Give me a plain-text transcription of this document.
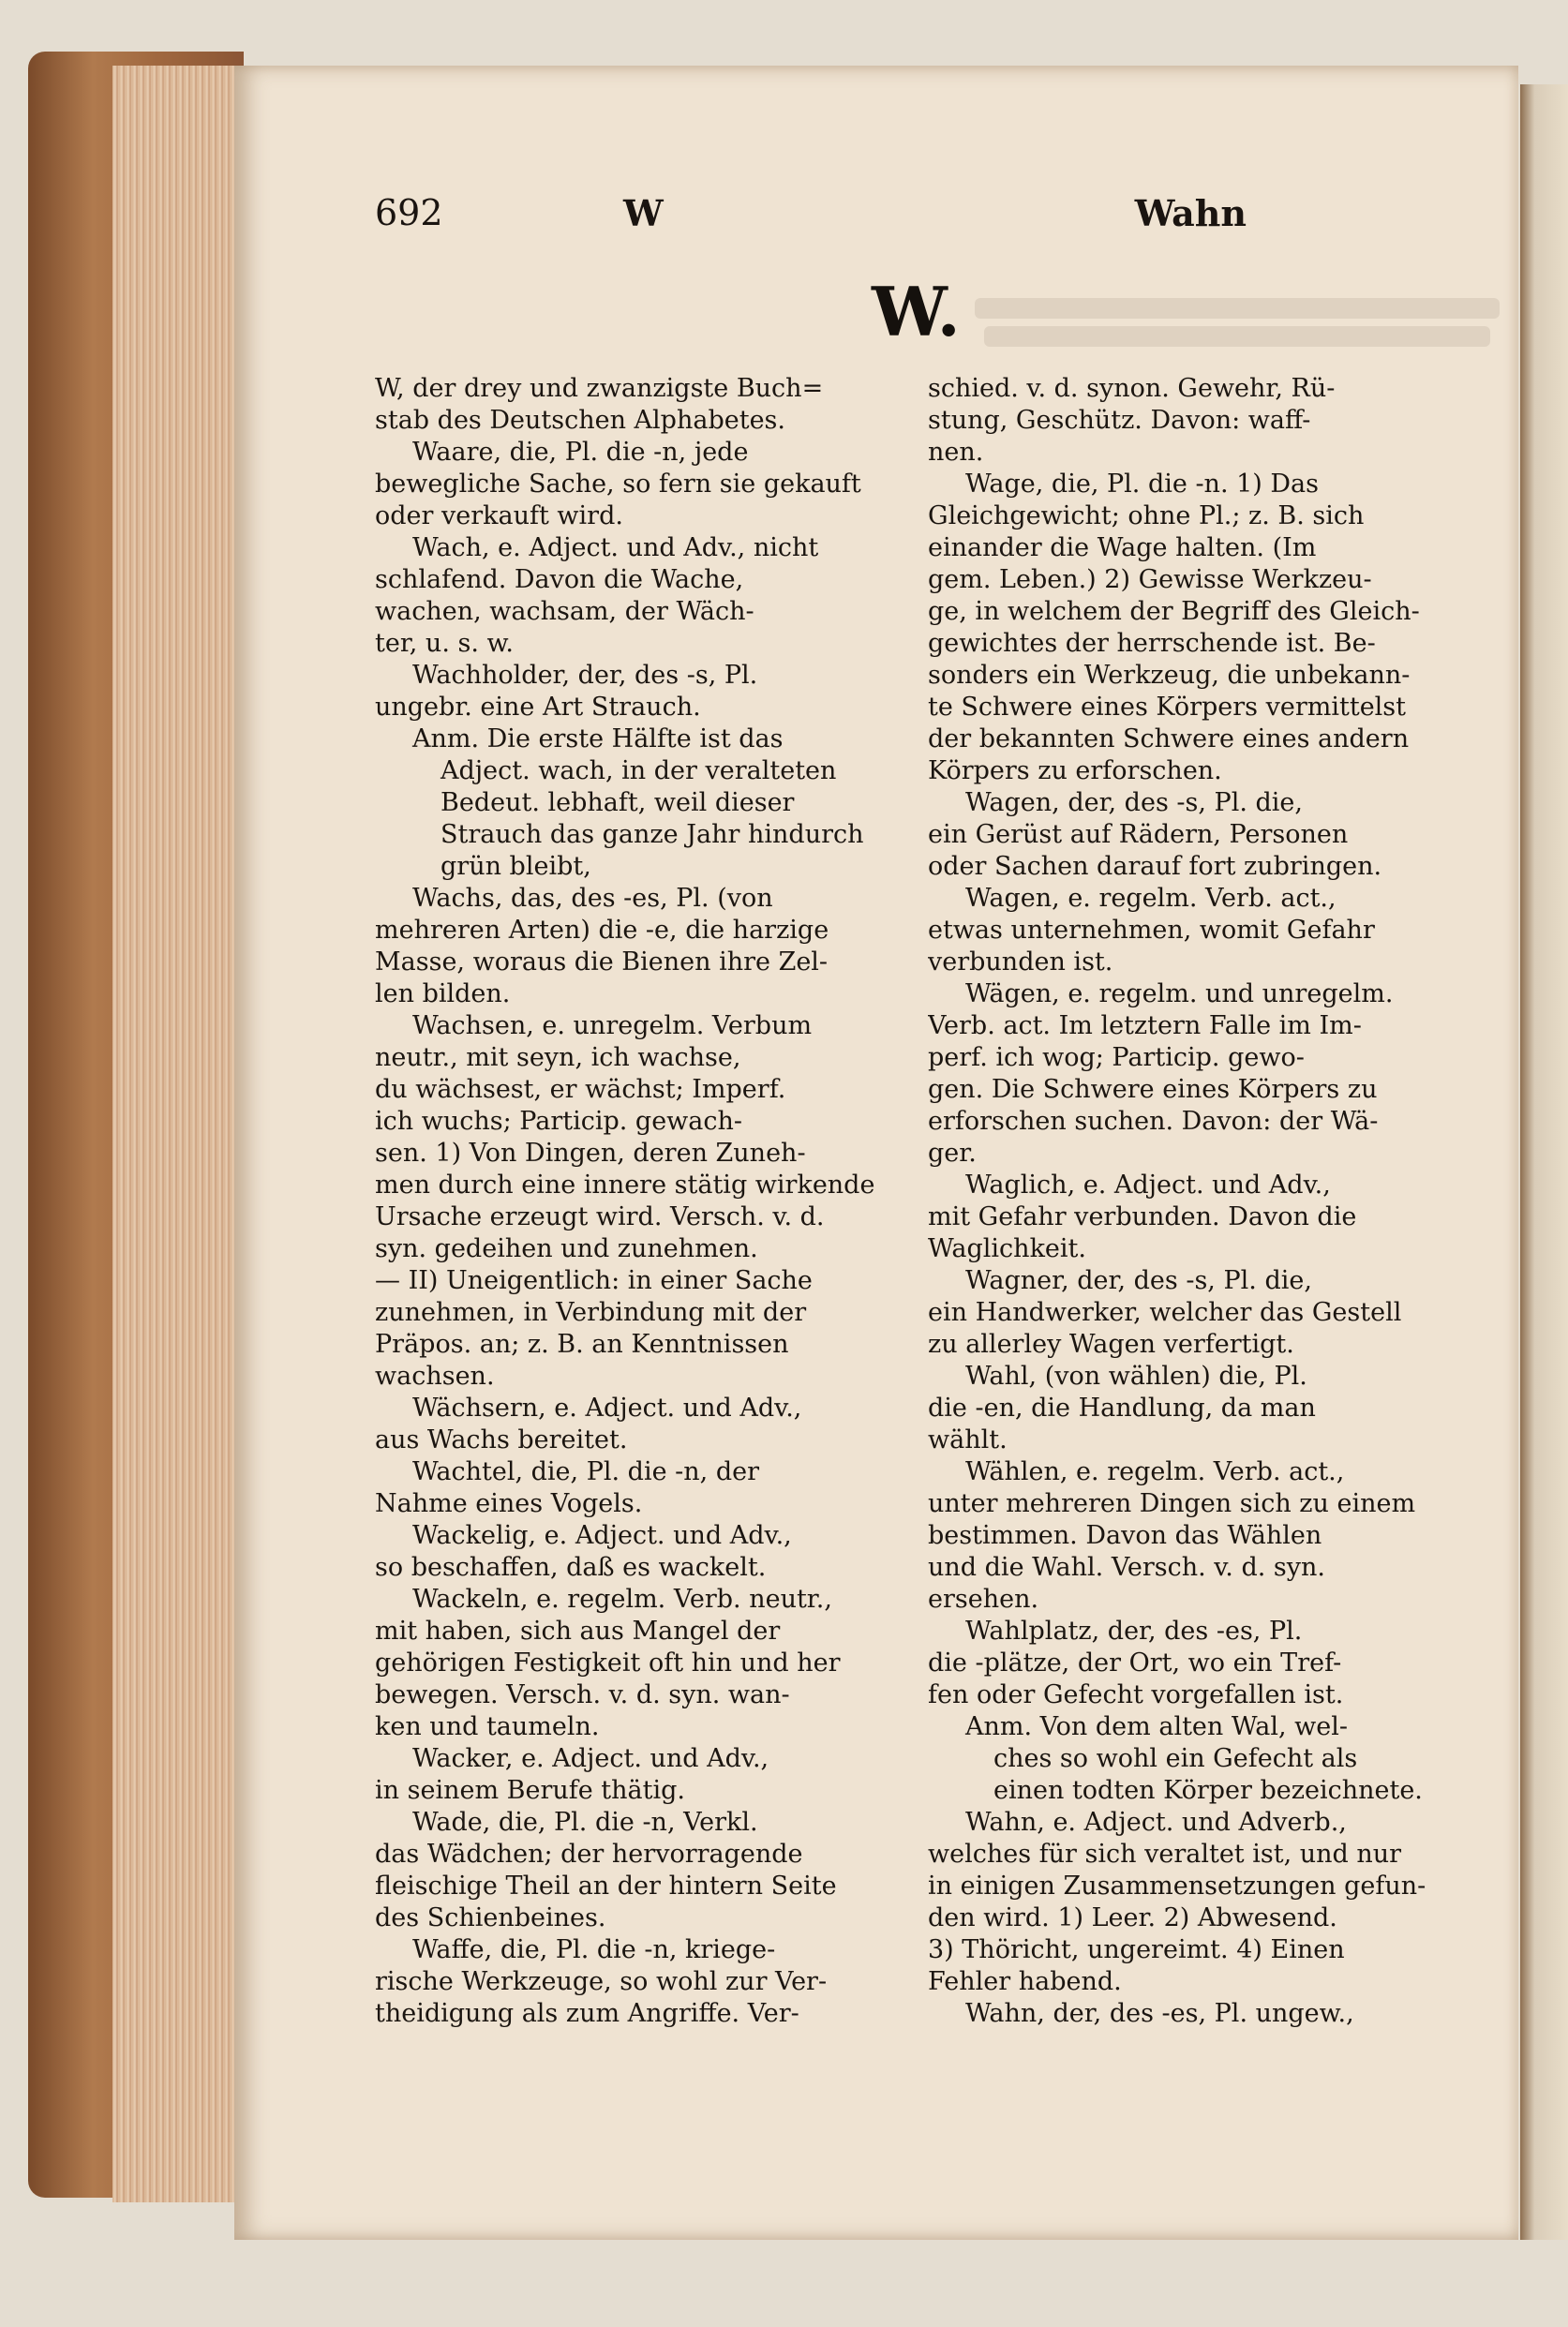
692	W	Wahn
W.
W, der drey und zwanzigste Buch=
stab des Deutschen Alphabetes.
Waare, die, Pl. die -n, jede
bewegliche Sache, so fern sie gekauft
oder verkauft wird.
Wach, e. Adject. und Adv., nicht
schlafend. Davon die Wache,
wachen, wachsam, der Wäch-
ter, u. s. w.
Wachholder, der, des -s, Pl.
ungebr. eine Art Strauch.
Anm. Die erste Hälfte ist das
Adject. wach, in der veralteten
Bedeut. lebhaft, weil dieser
Strauch das ganze Jahr hindurch
grün bleibt,
Wachs, das, des -es, Pl. (von
mehreren Arten) die -e, die harzige
Masse, woraus die Bienen ihre Zel-
len bilden.
Wachsen, e. unregelm. Verbum
neutr., mit seyn, ich wachse,
du wächsest, er wächst; Imperf.
ich wuchs; Particip. gewach-
sen. 1) Von Dingen, deren Zuneh-
men durch eine innere stätig wirkende
Ursache erzeugt wird. Versch. v. d.
syn. gedeihen und zunehmen.
— II) Uneigentlich: in einer Sache
zunehmen, in Verbindung mit der
Präpos. an; z. B. an Kenntnissen
wachsen.
Wächsern, e. Adject. und Adv.,
aus Wachs bereitet.
Wachtel, die, Pl. die -n, der
Nahme eines Vogels.
Wackelig, e. Adject. und Adv.,
so beschaffen, daß es wackelt.
Wackeln, e. regelm. Verb. neutr.,
mit haben, sich aus Mangel der
gehörigen Festigkeit oft hin und her
bewegen. Versch. v. d. syn. wan-
ken und taumeln.
Wacker, e. Adject. und Adv.,
in seinem Berufe thätig.
Wade, die, Pl. die -n, Verkl.
das Wädchen; der hervorragende
fleischige Theil an der hintern Seite
des Schienbeines.
Waffe, die, Pl. die -n, kriege-
rische Werkzeuge, so wohl zur Ver-
theidigung als zum Angriffe. Ver-
schied. v. d. synon. Gewehr, Rü-
stung, Geschütz. Davon: waff-
nen.
Wage, die, Pl. die -n. 1) Das
Gleichgewicht; ohne Pl.; z. B. sich
einander die Wage halten. (Im
gem. Leben.) 2) Gewisse Werkzeu-
ge, in welchem der Begriff des Gleich-
gewichtes der herrschende ist. Be-
sonders ein Werkzeug, die unbekann-
te Schwere eines Körpers vermittelst
der bekannten Schwere eines andern
Körpers zu erforschen.
Wagen, der, des -s, Pl. die,
ein Gerüst auf Rädern, Personen
oder Sachen darauf fort zubringen.
Wagen, e. regelm. Verb. act.,
etwas unternehmen, womit Gefahr
verbunden ist.
Wägen, e. regelm. und unregelm.
Verb. act. Im letztern Falle im Im-
perf. ich wog; Particip. gewo-
gen. Die Schwere eines Körpers zu
erforschen suchen. Davon: der Wä-
ger.
Waglich, e. Adject. und Adv.,
mit Gefahr verbunden. Davon die
Waglichkeit.
Wagner, der, des -s, Pl. die,
ein Handwerker, welcher das Gestell
zu allerley Wagen verfertigt.
Wahl, (von wählen) die, Pl.
die -en, die Handlung, da man
wählt.
Wählen, e. regelm. Verb. act.,
unter mehreren Dingen sich zu einem
bestimmen. Davon das Wählen
und die Wahl. Versch. v. d. syn.
ersehen.
Wahlplatz, der, des -es, Pl.
die -plätze, der Ort, wo ein Tref-
fen oder Gefecht vorgefallen ist.
Anm. Von dem alten Wal, wel-
ches so wohl ein Gefecht als
einen todten Körper bezeichnete.
Wahn, e. Adject. und Adverb.,
welches für sich veraltet ist, und nur
in einigen Zusammensetzungen gefun-
den wird. 1) Leer. 2) Abwesend.
3) Thöricht, ungereimt. 4) Einen
Fehler habend.
Wahn, der, des -es, Pl. ungew.,
